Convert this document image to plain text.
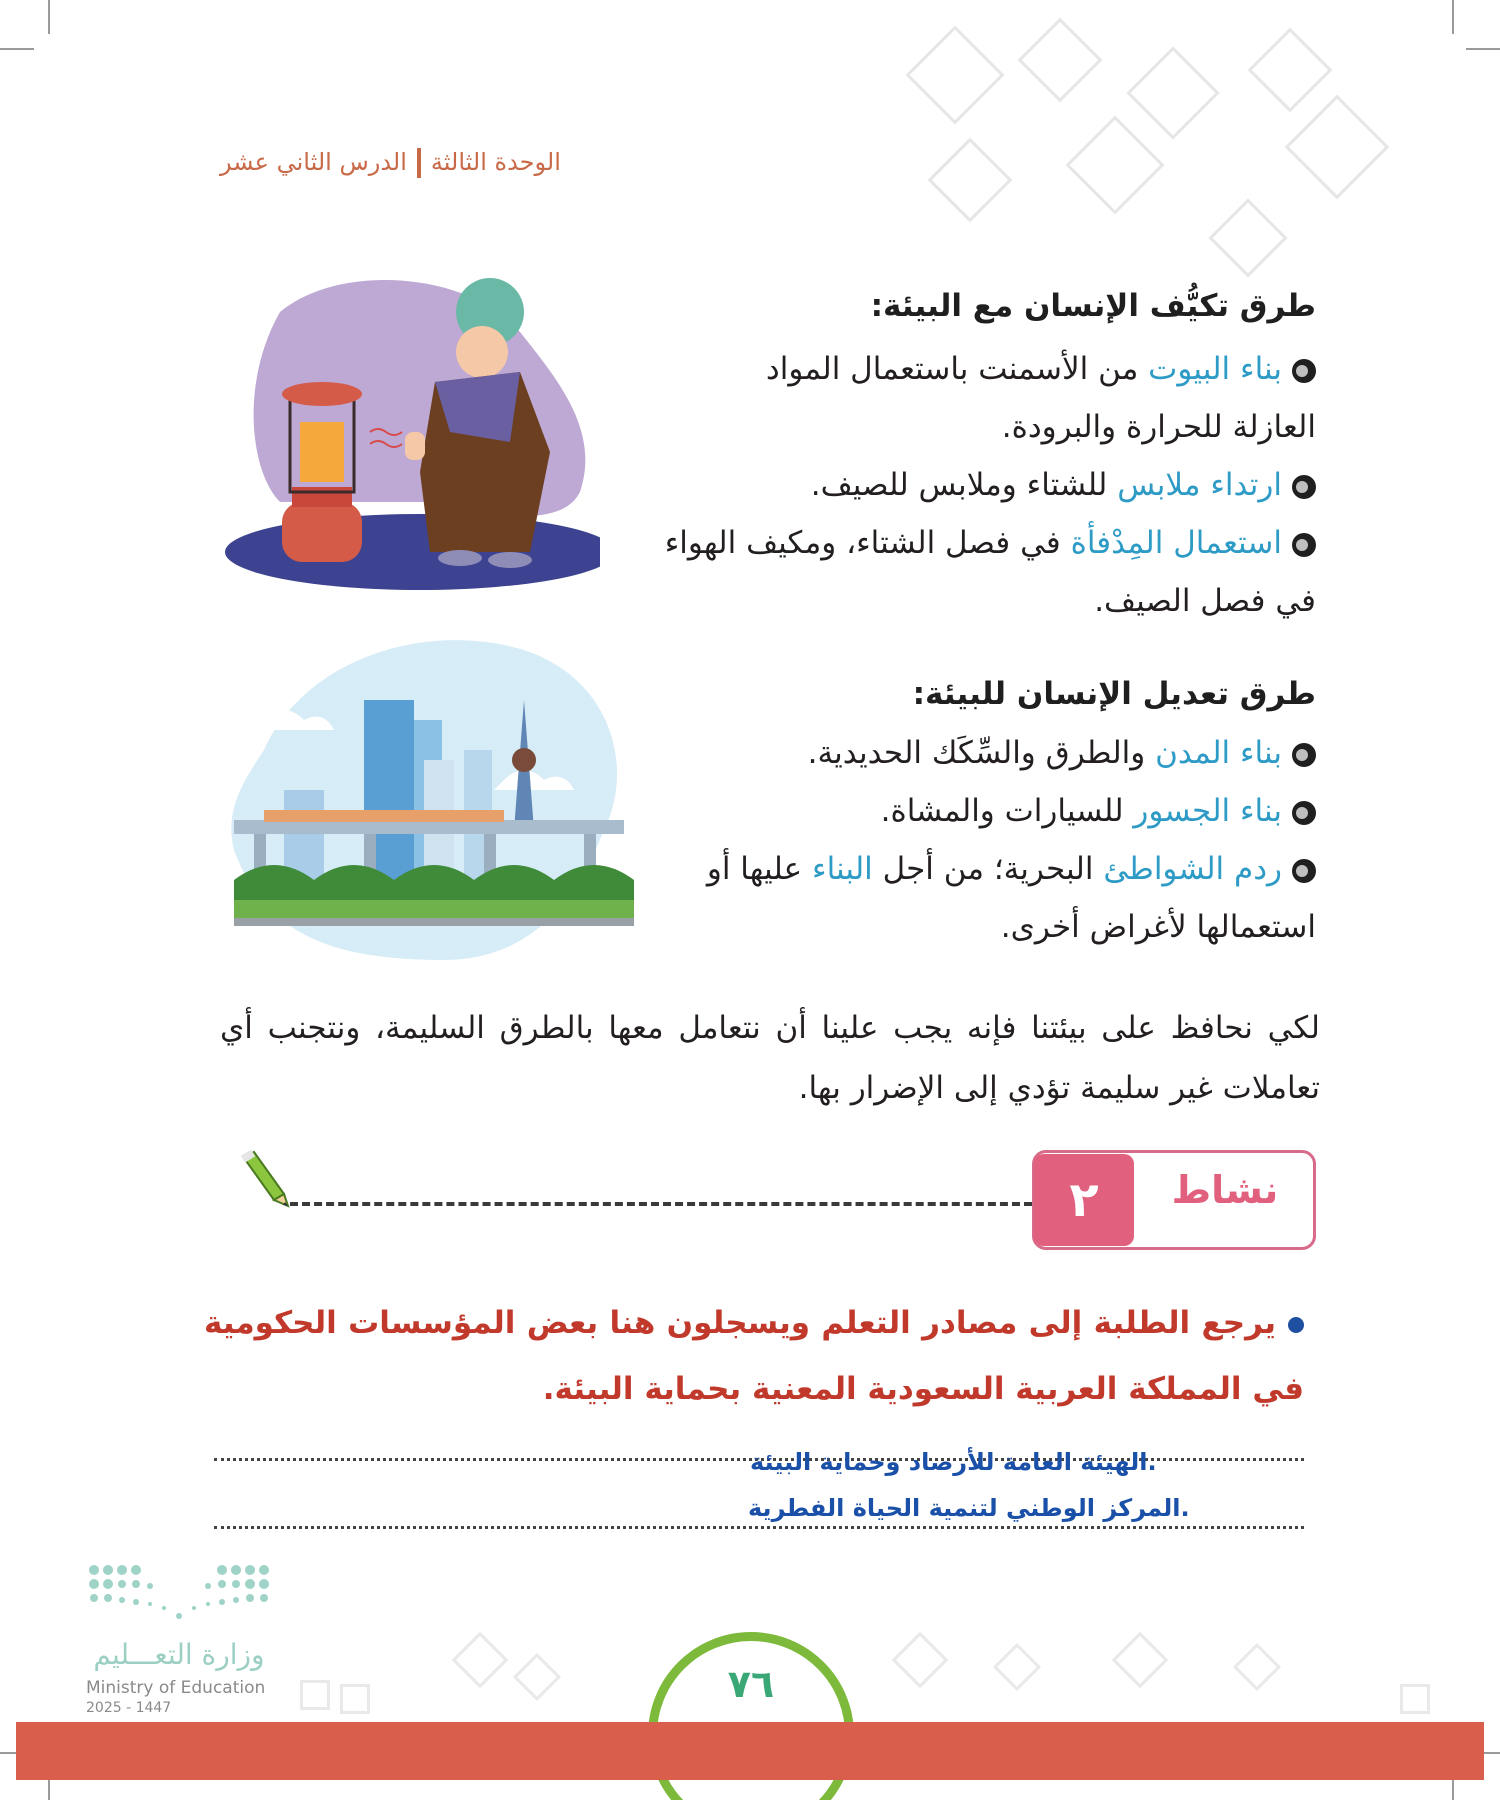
الوحدة الثالثةالدرس الثاني عشر
طرق تكيُّف الإنسان مع البيئة:
بناء البيوت من الأسمنت باستعمال المواد العازلة للحرارة والبرودة.
ارتداء ملابس للشتاء وملابس للصيف.
استعمال المِدْفأة في فصل الشتاء، ومكيف الهواء في فصل الصيف.
طرق تعديل الإنسان للبيئة:
بناء المدن والطرق والسِّكَك الحديدية.
بناء الجسور للسيارات والمشاة.
ردم الشواطئ البحرية؛ من أجل البناء عليها أو استعمالها لأغراض أخرى.
لكي نحافظ على بيئتنا فإنه يجب علينا أن نتعامل معها بالطرق السليمة، ونتجنب أي تعاملات غير سليمة تؤدي إلى الإضرار بها.
٢	نشاط
يرجع الطلبة إلى مصادر التعلم ويسجلون هنا بعض المؤسسات الحكومية في المملكة العربية السعودية المعنية بحماية البيئة.
.الهيئة العامة للأرصاد وحماية البيئة
.المركز الوطني لتنمية الحياة الفطرية
٧٦
وزارة التعـــليم
Ministry of Education
2025 - 1447
